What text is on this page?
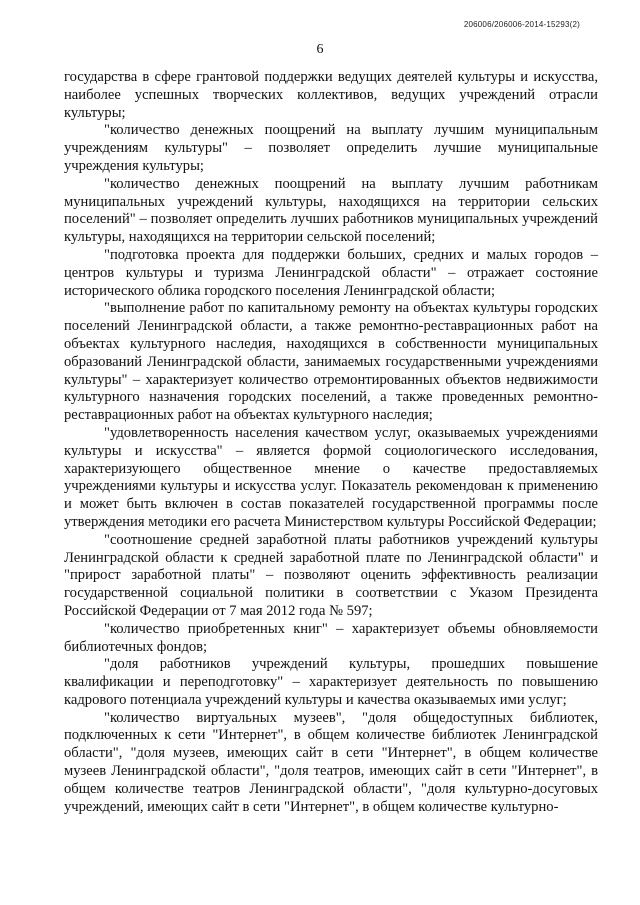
206006/206006-2014-15293(2)
6

государства в сфере грантовой поддержки ведущих деятелей культуры и искусства, наиболее успешных творческих коллективов, ведущих учреждений отрасли культуры;

"количество денежных поощрений на выплату лучшим муниципальным учреждениям культуры" – позволяет определить лучшие муниципальные учреждения культуры;

"количество денежных поощрений на выплату лучшим работникам муниципальных учреждений культуры, находящихся на территории сельских поселений" – позволяет определить лучших работников муниципальных учреждений культуры, находящихся на территории сельской поселений;

"подготовка проекта для поддержки больших, средних и малых городов – центров культуры и туризма Ленинградской области" – отражает состояние исторического облика городского поселения Ленинградской области;

"выполнение работ по капитальному ремонту на объектах культуры городских поселений Ленинградской области, а также ремонтно-реставрационных работ на объектах культурного наследия, находящихся в собственности муниципальных образований Ленинградской области, занимаемых государственными учреждениями культуры" – характеризует количество отремонтированных объектов недвижимости культурного назначения городских поселений, а также проведенных ремонтно-реставрационных работ на объектах культурного наследия;

"удовлетворенность населения качеством услуг, оказываемых учреждениями культуры и искусства" – является формой социологического исследования, характеризующего общественное мнение о качестве предоставляемых учреждениями культуры и искусства услуг. Показатель рекомендован к применению и может быть включен в состав показателей государственной программы после утверждения методики его расчета Министерством культуры Российской Федерации;

"соотношение средней заработной платы работников учреждений культуры Ленинградской области к средней заработной плате по Ленинградской области" и "прирост заработной платы" – позволяют оценить эффективность реализации государственной социальной политики в соответствии с Указом Президента Российской Федерации от 7 мая 2012 года № 597;

"количество приобретенных книг" – характеризует объемы обновляемости библиотечных фондов;

"доля работников учреждений культуры, прошедших повышение квалификации и переподготовку" – характеризует деятельность по повышению кадрового потенциала учреждений культуры и качества оказываемых ими услуг;

"количество виртуальных музеев", "доля общедоступных библиотек, подключенных к сети "Интернет", в общем количестве библиотек Ленинградской области", "доля музеев, имеющих сайт в сети "Интернет", в общем количестве музеев Ленинградской области", "доля театров, имеющих сайт в сети "Интернет", в общем количестве театров Ленинградской области", "доля культурно-досуговых учреждений, имеющих сайт в сети "Интернет", в общем количестве культурно-
